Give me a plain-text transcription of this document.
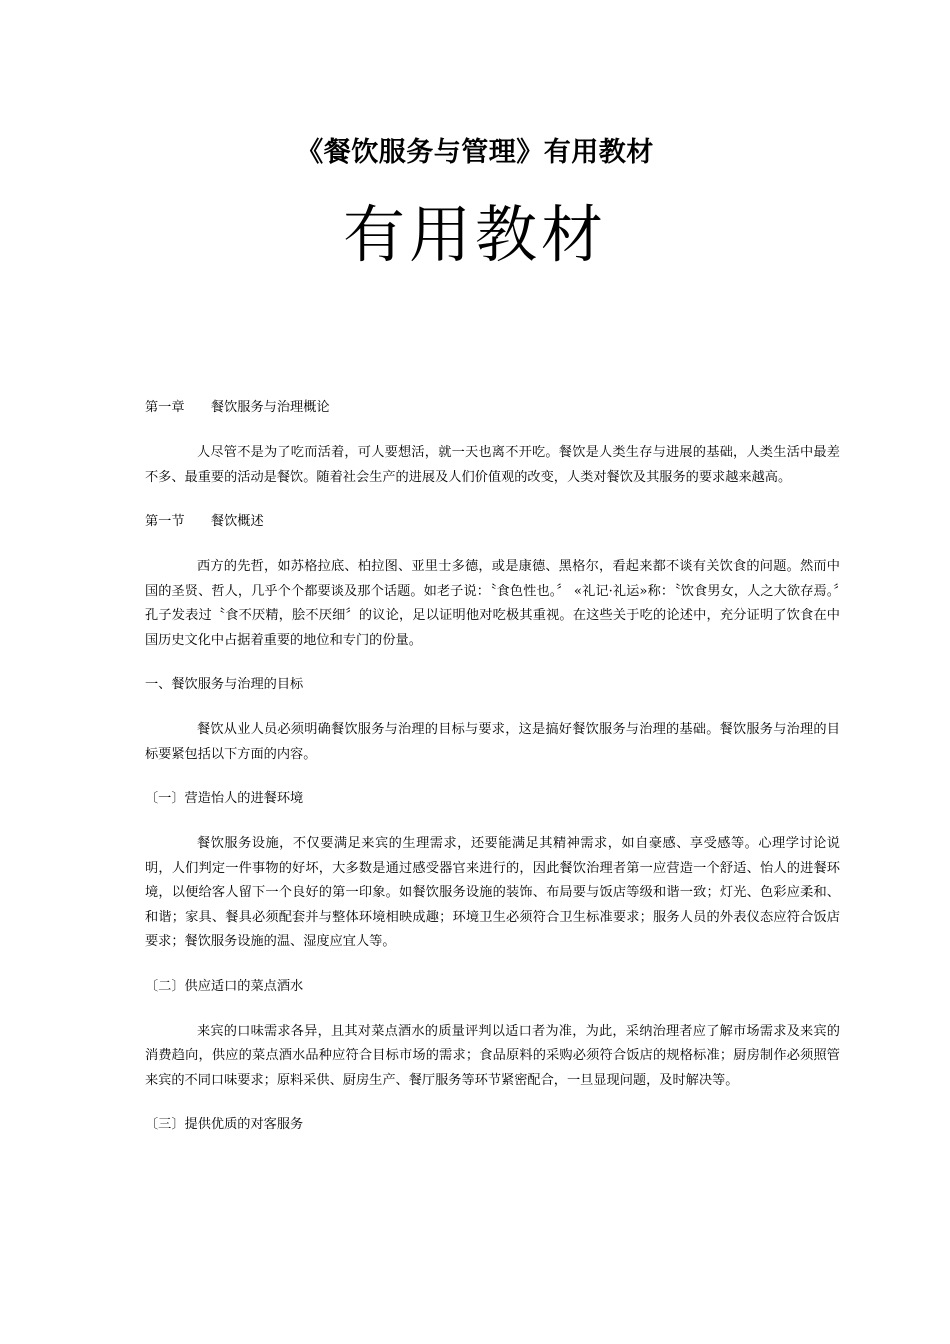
《餐饮服务与管理》有用教材
有用教材

第一章　　餐饮服务与治理概论

人尽管不是为了吃而活着，可人要想活，就一天也离不开吃。餐饮是人类生存与进展的基础，人类生活中最差不多、最重要的活动是餐饮。随着社会生产的进展及人们价值观的改变，人类对餐饮及其服务的要求越来越高。

第一节　　餐饮概述

西方的先哲，如苏格拉底、柏拉图、亚里士多德，或是康德、黑格尔，看起来都不谈有关饮食的问题。然而中国的圣贤、哲人，几乎个个都要谈及那个话题。如老子说：〝食色性也。〞 «礼记·礼运»称：〝饮食男女，人之大欲存焉。〞孔子发表过〝食不厌精，脍不厌细〞的议论，足以证明他对吃极其重视。在这些关于吃的论述中，充分证明了饮食在中国历史文化中占据着重要的地位和专门的份量。

一、餐饮服务与治理的目标

餐饮从业人员必须明确餐饮服务与治理的目标与要求，这是搞好餐饮服务与治理的基础。餐饮服务与治理的目标要紧包括以下方面的内容。

〔一〕营造怡人的进餐环境

餐饮服务设施，不仅要满足来宾的生理需求，还要能满足其精神需求，如自豪感、享受感等。心理学讨论说明，人们判定一件事物的好坏，大多数是通过感受器官来进行的，因此餐饮治理者第一应营造一个舒适、怡人的进餐环境，以便给客人留下一个良好的第一印象。如餐饮服务设施的装饰、布局要与饭店等级和谐一致；灯光、色彩应柔和、和谐；家具、餐具必须配套并与整体环境相映成趣；环境卫生必须符合卫生标准要求；服务人员的外表仪态应符合饭店要求；餐饮服务设施的温、湿度应宜人等。

〔二〕供应适口的菜点酒水

来宾的口味需求各异，且其对菜点酒水的质量评判以适口者为准，为此，采纳治理者应了解市场需求及来宾的消费趋向，供应的菜点酒水品种应符合目标市场的需求；食品原料的采购必须符合饭店的规格标准；厨房制作必须照管来宾的不同口味要求；原料采供、厨房生产、餐厅服务等环节紧密配合，一旦显现问题，及时解决等。

〔三〕提供优质的对客服务
